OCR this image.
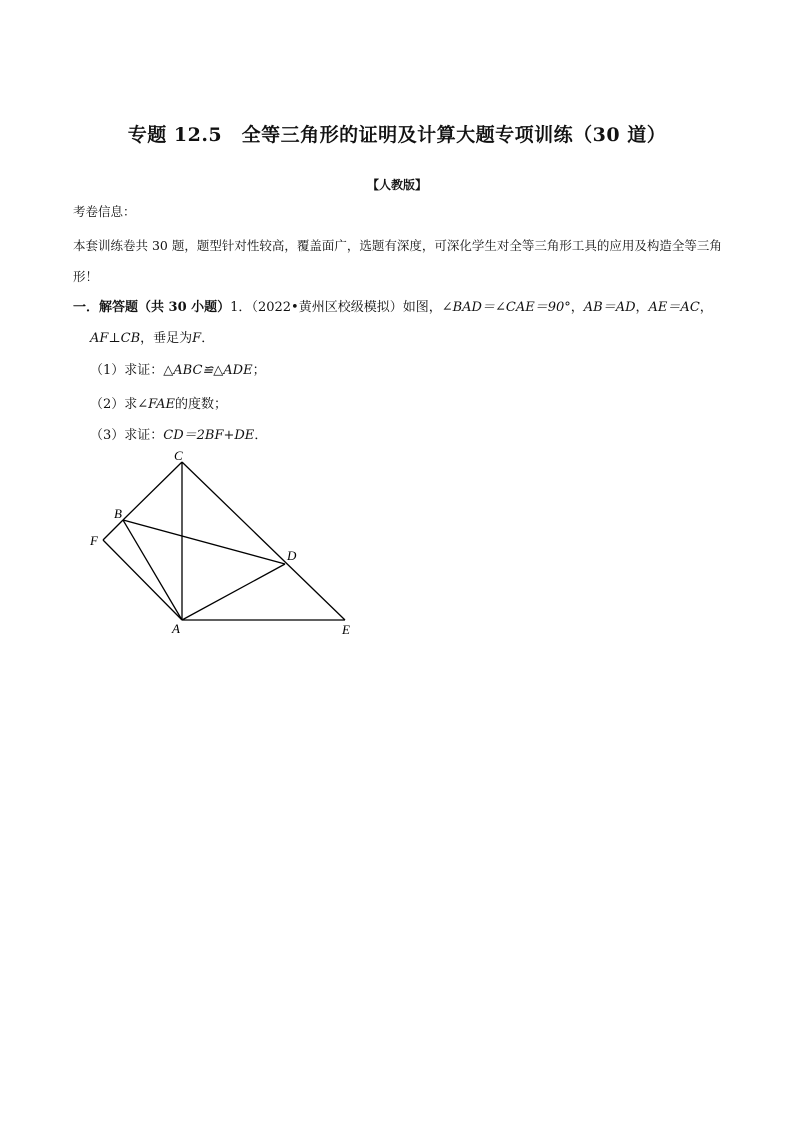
专题 12.5　全等三角形的证明及计算大题专项训练（30 道）
【人教版】
考卷信息：
本套训练卷共 30 题，题型针对性较高，覆盖面广，选题有深度，可深化学生对全等三角形工具的应用及构造全等三角形！
一．解答题（共 30 小题）1．（2022•黄州区校级模拟）如图，∠BAD＝∠CAE＝90°，AB＝AD，AE＝AC，
AF⊥CB，垂足为F．
（1）求证：△ABC≌△ADE；
（2）求∠FAE的度数；
（3）求证：CD＝2BF+DE．
C
B
F
D
A	E
